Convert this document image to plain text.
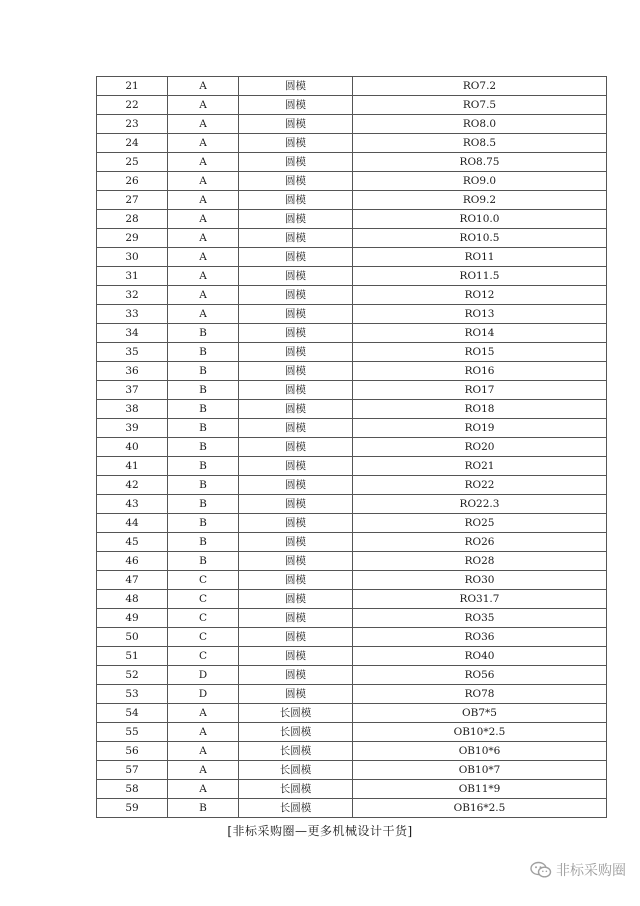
21	A	圆模	RO7.2
22	A	圆模	RO7.5
23	A	圆模	RO8.0
24	A	圆模	RO8.5
25	A	圆模	RO8.75
26	A	圆模	RO9.0
27	A	圆模	RO9.2
28	A	圆模	RO10.0
29	A	圆模	RO10.5
30	A	圆模	RO11
31	A	圆模	RO11.5
32	A	圆模	RO12
33	A	圆模	RO13
34	B	圆模	RO14
35	B	圆模	RO15
36	B	圆模	RO16
37	B	圆模	RO17
38	B	圆模	RO18
39	B	圆模	RO19
40	B	圆模	RO20
41	B	圆模	RO21
42	B	圆模	RO22
43	B	圆模	RO22.3
44	B	圆模	RO25
45	B	圆模	RO26
46	B	圆模	RO28
47	C	圆模	RO30
48	C	圆模	RO31.7
49	C	圆模	RO35
50	C	圆模	RO36
51	C	圆模	RO40
52	D	圆模	RO56
53	D	圆模	RO78
54	A	长圆模	OB7*5
55	A	长圆模	OB10*2.5
56	A	长圆模	OB10*6
57	A	长圆模	OB10*7
58	A	长圆模	OB11*9
59	B	长圆模	OB16*2.5
[非标采购圈—更多机械设计干货]
非标采购圈
